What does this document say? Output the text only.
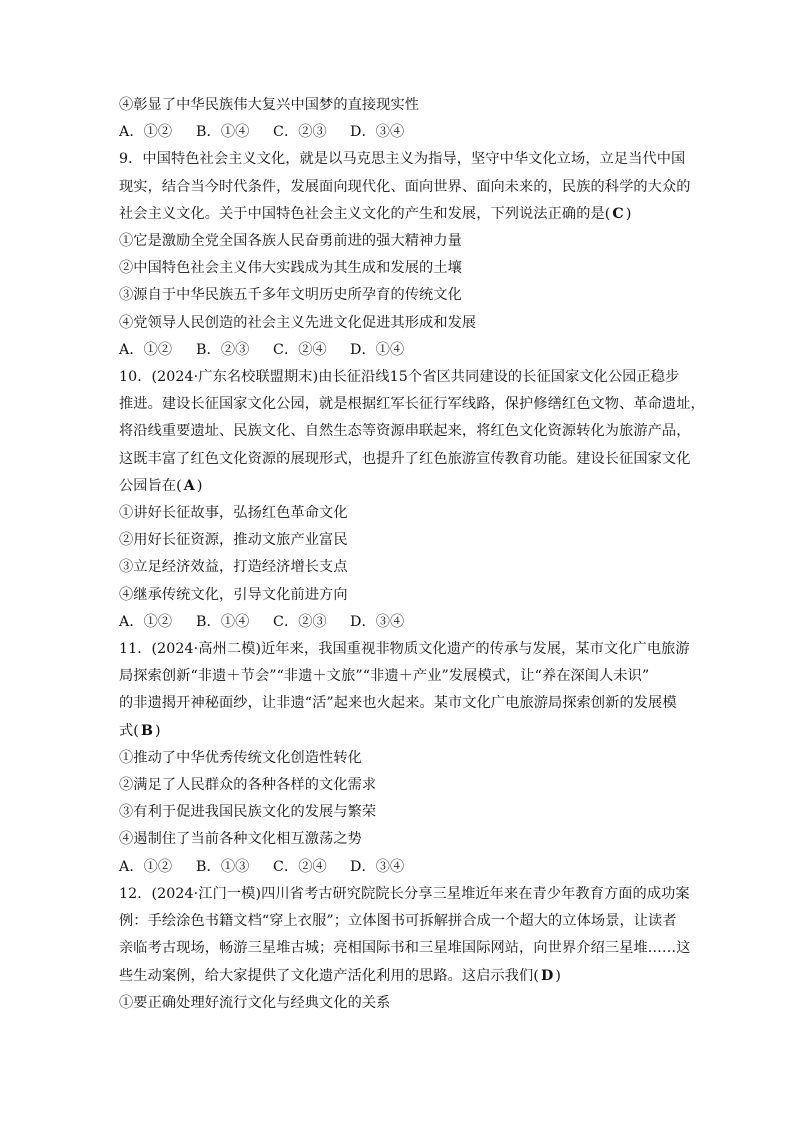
④彰显了中华民族伟大复兴中国梦的直接现实性
A．①②	B．①④	C．②③	D．③④
9．中国特色社会主义文化，就是以马克思主义为指导，坚守中华文化立场，立足当代中国
现实，结合当今时代条件，发展面向现代化、面向世界、面向未来的，民族的科学的大众的
社会主义文化。关于中国特色社会主义文化的产生和发展，下列说法正确的是( C )
①它是激励全党全国各族人民奋勇前进的强大精神力量
②中国特色社会主义伟大实践成为其生成和发展的土壤
③源自于中华民族五千多年文明历史所孕育的传统文化
④党领导人民创造的社会主义先进文化促进其形成和发展
A．①②	B．②③	C．②④	D．①④
10．(2024·广东名校联盟期末)由长征沿线15个省区共同建设的长征国家文化公园正稳步
推进。建设长征国家文化公园，就是根据红军长征行军线路，保护修缮红色文物、革命遗址，
将沿线重要遗址、民族文化、自然生态等资源串联起来，将红色文化资源转化为旅游产品，
这既丰富了红色文化资源的展现形式，也提升了红色旅游宣传教育功能。建设长征国家文化
公园旨在( A )
①讲好长征故事，弘扬红色革命文化
②用好长征资源，推动文旅产业富民
③立足经济效益，打造经济增长支点
④继承传统文化，引导文化前进方向
A．①②	B．①④	C．②③	D．③④
11．(2024·高州二模)近年来，我国重视非物质文化遗产的传承与发展，某市文化广电旅游
局探索创新“非遗＋节会”“非遗＋文旅”“非遗＋产业”发展模式，让“养在深闺人未识”
的非遗揭开神秘面纱，让非遗“活”起来也火起来。某市文化广电旅游局探索创新的发展模
式( B )
①推动了中华优秀传统文化创造性转化
②满足了人民群众的各种各样的文化需求
③有利于促进我国民族文化的发展与繁荣
④遏制住了当前各种文化相互激荡之势
A．①②	B．①③	C．②④	D．③④
12．(2024·江门一模)四川省考古研究院院长分享三星堆近年来在青少年教育方面的成功案
例：手绘涂色书籍文档“穿上衣服”；立体图书可拆解拼合成一个超大的立体场景，让读者
亲临考古现场，畅游三星堆古城；亮相国际书和三星堆国际网站，向世界介绍三星堆……这
些生动案例，给大家提供了文化遗产活化利用的思路。这启示我们( D )
①要正确处理好流行文化与经典文化的关系
